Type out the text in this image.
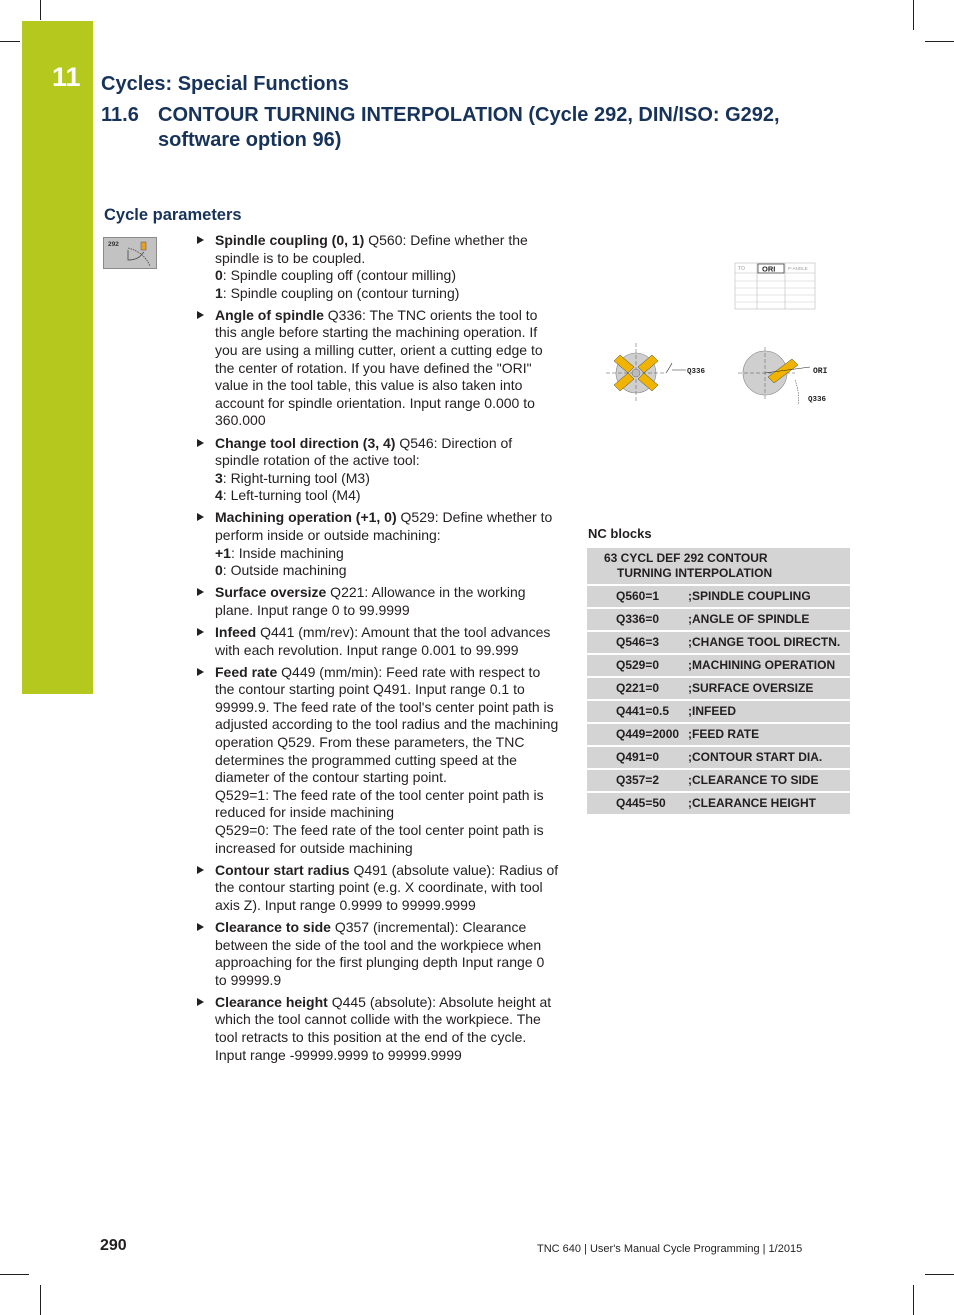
11 Cycles: Special Functions
11.6 CONTOUR TURNING INTERPOLATION (Cycle 292, DIN/ISO: G292, software option 96)
Cycle parameters
292	Spindle coupling (0, 1) Q560: Define whether the spindle is to be coupled.
0: Spindle coupling off (contour milling)
1: Spindle coupling on (contour turning)
Angle of spindle Q336: The TNC orients the tool to this angle before starting the machining operation. If you are using a milling cutter, orient a cutting edge to the center of rotation. If you have defined the "ORI" value in the tool table, this value is also taken into account for spindle orientation. Input range 0.000 to 360.000
Change tool direction (3, 4) Q546: Direction of spindle rotation of the active tool:
3: Right-turning tool (M3)
4: Left-turning tool (M4)
Machining operation (+1, 0) Q529: Define whether to perform inside or outside machining:
+1: Inside machining
0: Outside machining
Surface oversize Q221: Allowance in the working plane. Input range 0 to 99.9999
Infeed Q441 (mm/rev): Amount that the tool advances with each revolution. Input range 0.001 to 99.999
Feed rate Q449 (mm/min): Feed rate with respect to the contour starting point Q491. Input range 0.1 to 99999.9. The feed rate of the tool's center point path is adjusted according to the tool radius and the machining operation Q529. From these parameters, the TNC determines the programmed cutting speed at the diameter of the contour starting point.
Q529=1: The feed rate of the tool center point path is reduced for inside machining
Q529=0: The feed rate of the tool center point path is increased for outside machining
Contour start radius Q491 (absolute value): Radius of the contour starting point (e.g. X coordinate, with tool axis Z). Input range 0.9999 to 99999.9999
Clearance to side Q357 (incremental): Clearance between the side of the tool and the workpiece when approaching for the first plunging depth Input range 0 to 99999.9
Clearance height Q445 (absolute): Absolute height at which the tool cannot collide with the workpiece. The tool retracts to this position at the end of the cycle. Input range -99999.9999 to 99999.9999
TO ORI	P-ANGLE
Q336	ORI
Q336
NC blocks
63 CYCL DEF 292 CONTOUR
TURNING INTERPOLATION
Q560=1 ;SPINDLE COUPLING
Q336=0 ;ANGLE OF SPINDLE
Q546=3 ;CHANGE TOOL DIRECTN.
Q529=0 ;MACHINING OPERATION
Q221=0 ;SURFACE OVERSIZE
Q441=0.5 ;INFEED
Q449=2000 ;FEED RATE
Q491=0 ;CONTOUR START DIA.
Q357=2 ;CLEARANCE TO SIDE
Q445=50 ;CLEARANCE HEIGHT
290	TNC 640 | User's Manual Cycle Programming | 1/2015
